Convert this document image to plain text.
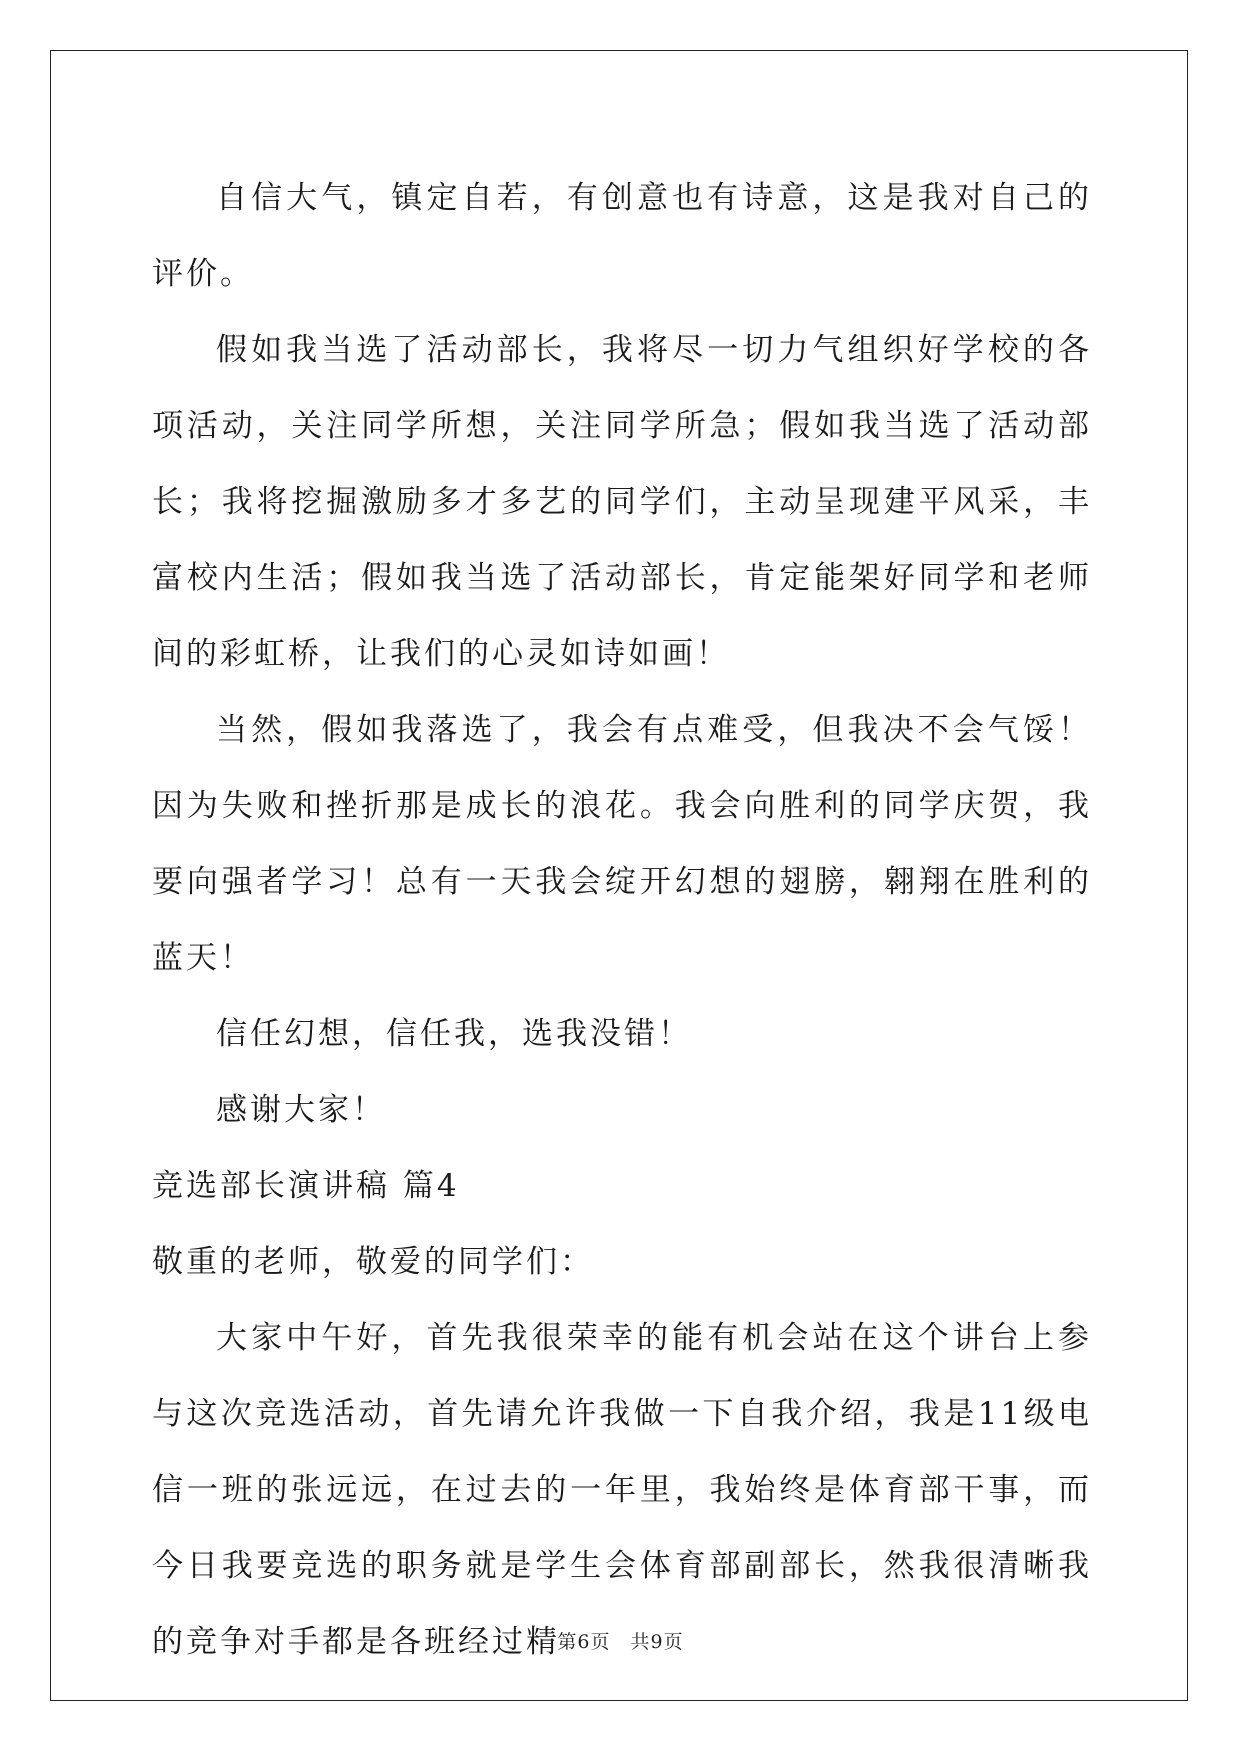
自信大气，镇定自若，有创意也有诗意，这是我对自己的评价。

假如我当选了活动部长，我将尽一切力气组织好学校的各项活动，关注同学所想，关注同学所急；假如我当选了活动部长；我将挖掘激励多才多艺的同学们，主动呈现建平风采，丰富校内生活；假如我当选了活动部长，肯定能架好同学和老师间的彩虹桥，让我们的心灵如诗如画！

当然，假如我落选了，我会有点难受，但我决不会气馁！因为失败和挫折那是成长的浪花。我会向胜利的同学庆贺，我要向强者学习！总有一天我会绽开幻想的翅膀，翱翔在胜利的蓝天！

信任幻想，信任我，选我没错！

感谢大家！

竞选部长演讲稿 篇4

敬重的老师，敬爱的同学们：

大家中午好，首先我很荣幸的能有机会站在这个讲台上参与这次竞选活动，首先请允许我做一下自我介绍，我是11级电信一班的张远远，在过去的一年里，我始终是体育部干事，而今日我要竞选的职务就是学生会体育部副部长，然我很清晰我的竞争对手都是各班经过精

第6页　共9页
